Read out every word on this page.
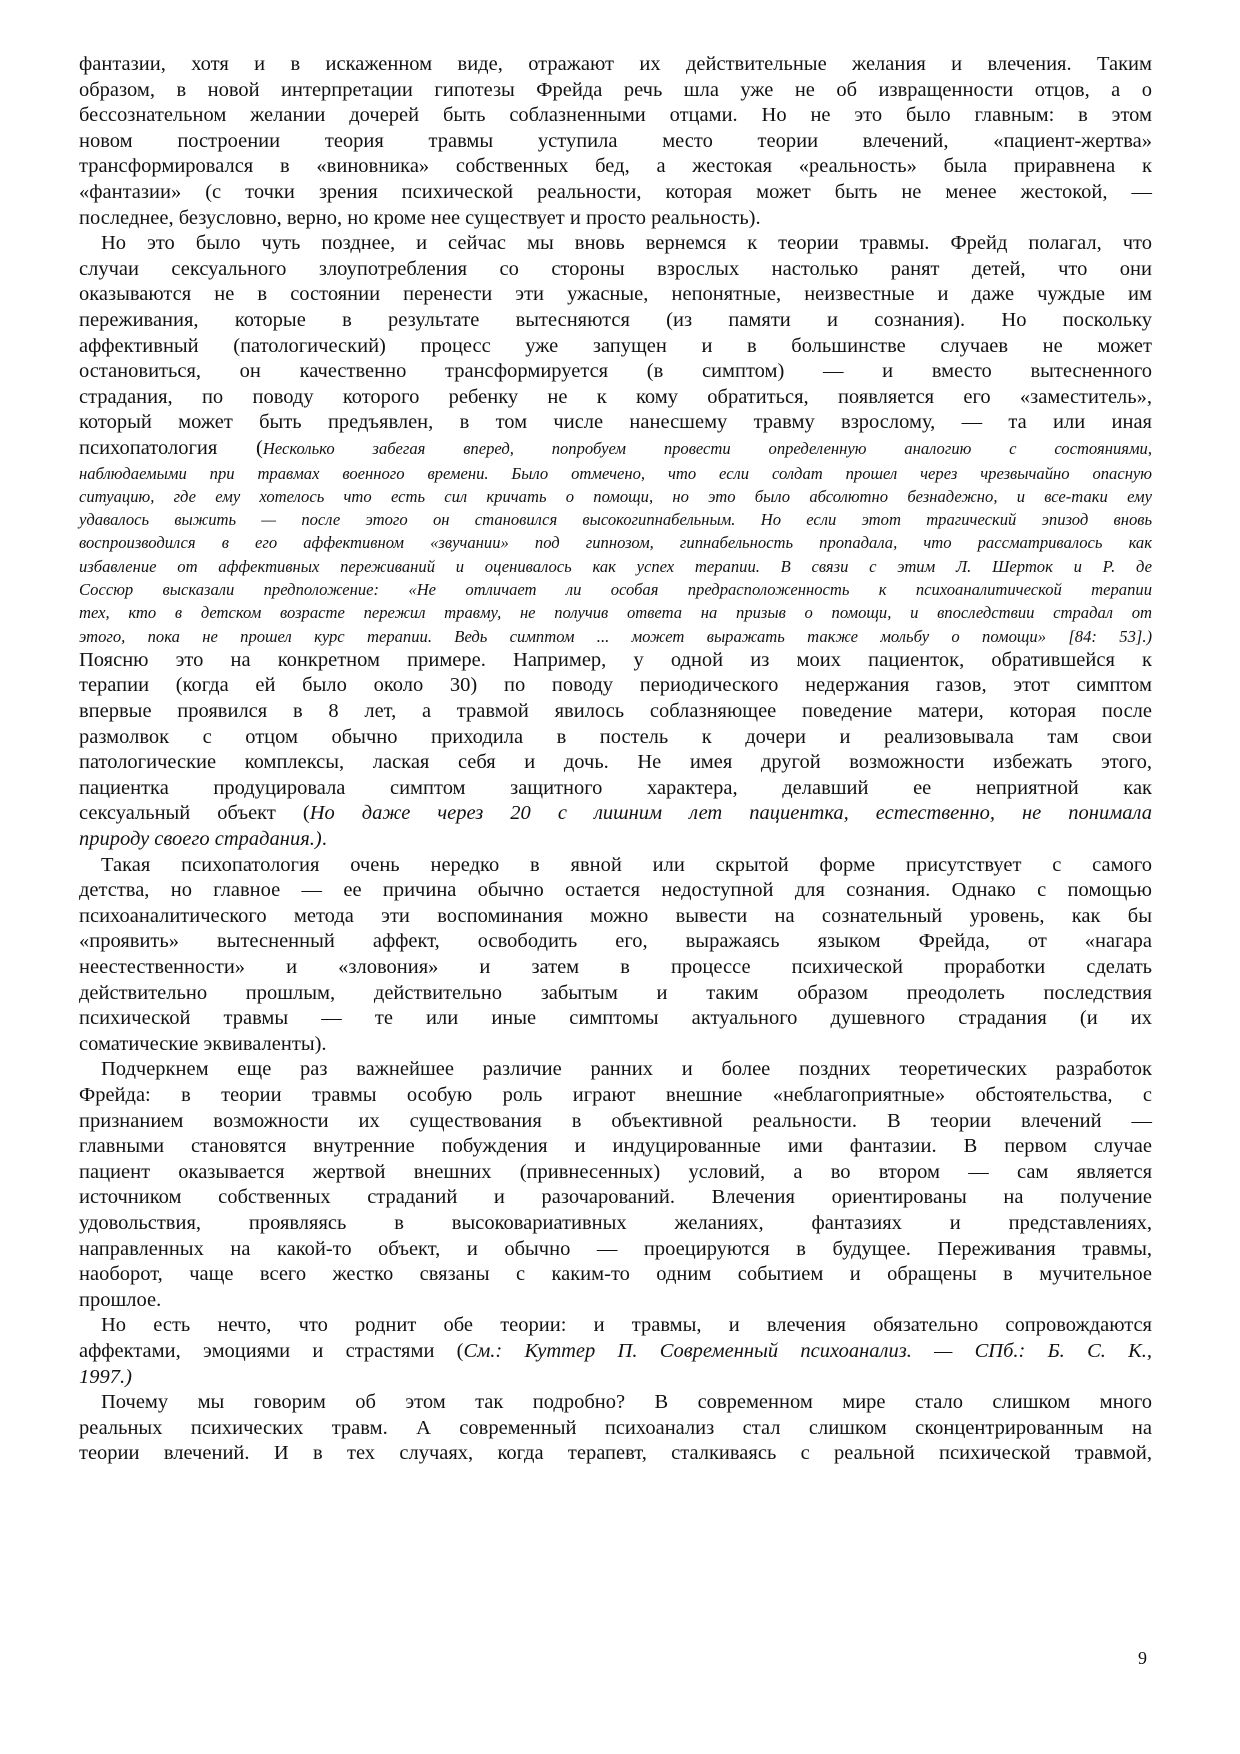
фантазии, хотя и в искаженном виде, отражают их действительные желания и влечения. Таким
образом, в новой интерпретации гипотезы Фрейда речь шла уже не об извращенности отцов, а о
бессознательном желании дочерей быть соблазненными отцами. Но не это было главным: в этом
новом построении теория травмы уступила место теории влечений, «пациент-жертва»
трансформировался в «виновника» собственных бед, а жестокая «реальность» была приравнена к
«фантазии» (с точки зрения психической реальности, которая может быть не менее жестокой, —
последнее, безусловно, верно, но кроме нее существует и просто реальность).
Но это было чуть позднее, и сейчас мы вновь вернемся к теории травмы. Фрейд полагал, что
случаи сексуального злоупотребления со стороны взрослых настолько ранят детей, что они
оказываются не в состоянии перенести эти ужасные, непонятные, неизвестные и даже чуждые им
переживания, которые в результате вытесняются (из памяти и сознания). Но поскольку
аффективный (патологический) процесс уже запущен и в большинстве случаев не может
остановиться, он качественно трансформируется (в симптом) — и вместо вытесненного
страдания, по поводу которого ребенку не к кому обратиться, появляется его «заместитель»,
который может быть предъявлен, в том числе нанесшему травму взрослому, — та или иная
психопатология (Несколько забегая вперед, попробуем провести определенную аналогию с состояниями,
наблюдаемыми при травмах военного времени. Было отмечено, что если солдат прошел через чрезвычайно опасную
ситуацию, где ему хотелось что есть сил кричать о помощи, но это было абсолютно безнадежно, и все-таки ему
удавалось выжить — после этого он становился высокогипнабельным. Но если этот трагический эпизод вновь
воспроизводился в его аффективном «звучании» под гипнозом, гипнабельность пропадала, что рассматривалось как
избавление от аффективных переживаний и оценивалось как успех терапии. В связи с этим Л. Шерток и Р. де
Соссюр высказали предположение: «Не отличает ли особая предрасположенность к психоаналитической терапии
тех, кто в детском возрасте пережил травму, не получив ответа на призыв о помощи, и впоследствии страдал от
этого, пока не прошел курс терапии. Ведь симптом ... может выражать также мольбу о помощи» [84: 53].)
Поясню это на конкретном примере. Например, у одной из моих пациенток, обратившейся к
терапии (когда ей было около 30) по поводу периодического недержания газов, этот симптом
впервые проявился в 8 лет, а травмой явилось соблазняющее поведение матери, которая после
размолвок с отцом обычно приходила в постель к дочери и реализовывала там свои
патологические комплексы, лаская себя и дочь. Не имея другой возможности избежать этого,
пациентка продуцировала симптом защитного характера, делавший ее неприятной как
сексуальный объект (Но даже через 20 с лишним лет пациентка, естественно, не понимала
природу своего страдания.).
Такая психопатология очень нередко в явной или скрытой форме присутствует с самого
детства, но главное — ее причина обычно остается недоступной для сознания. Однако с помощью
психоаналитического метода эти воспоминания можно вывести на сознательный уровень, как бы
«проявить» вытесненный аффект, освободить его, выражаясь языком Фрейда, от «нагара
неестественности» и «зловония» и затем в процессе психической проработки сделать
действительно прошлым, действительно забытым и таким образом преодолеть последствия
психической травмы — те или иные симптомы актуального душевного страдания (и их
соматические эквиваленты).
Подчеркнем еще раз важнейшее различие ранних и более поздних теоретических разработок
Фрейда: в теории травмы особую роль играют внешние «неблагоприятные» обстоятельства, с
признанием возможности их существования в объективной реальности. В теории влечений —
главными становятся внутренние побуждения и индуцированные ими фантазии. В первом случае
пациент оказывается жертвой внешних (привнесенных) условий, а во втором — сам является
источником собственных страданий и разочарований. Влечения ориентированы на получение
удовольствия, проявляясь в высоковариативных желаниях, фантазиях и представлениях,
направленных на какой-то объект, и обычно — проецируются в будущее. Переживания травмы,
наоборот, чаще всего жестко связаны с каким-то одним событием и обращены в мучительное
прошлое.
Но есть нечто, что роднит обе теории: и травмы, и влечения обязательно сопровождаются
аффектами, эмоциями и страстями (См.: Куттер П. Современный психоанализ. — СПб.: Б. С. К.,
1997.)
Почему мы говорим об этом так подробно? В современном мире стало слишком много
реальных психических травм. А современный психоанализ стал слишком сконцентрированным на
теории влечений. И в тех случаях, когда терапевт, сталкиваясь с реальной психической травмой,
9
